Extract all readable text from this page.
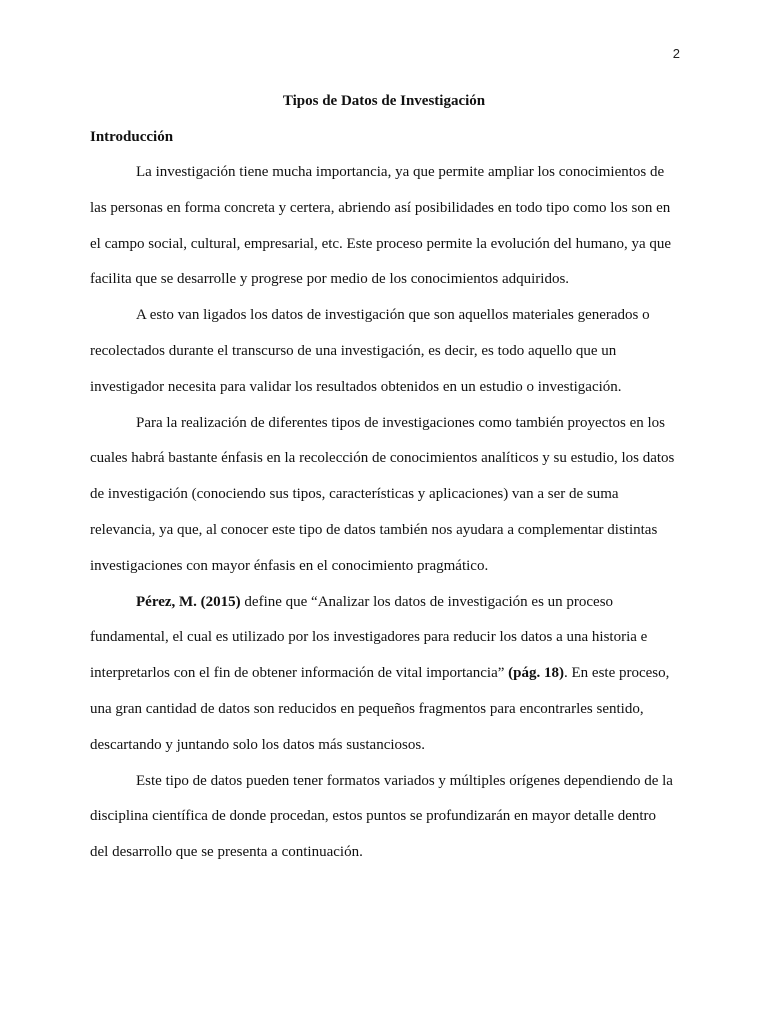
2
Tipos de Datos de Investigación
Introducción
La investigación tiene mucha importancia, ya que permite ampliar los conocimientos de
las personas en forma concreta y certera, abriendo así posibilidades en todo tipo como los son en
el campo social, cultural, empresarial, etc. Este proceso permite la evolución del humano, ya que
facilita que se desarrolle y progrese por medio de los conocimientos adquiridos.
A esto van ligados los datos de investigación que son aquellos materiales generados o
recolectados durante el transcurso de una investigación, es decir, es todo aquello que un
investigador necesita para validar los resultados obtenidos en un estudio o investigación.
Para la realización de diferentes tipos de investigaciones como también proyectos en los
cuales habrá bastante énfasis en la recolección de conocimientos analíticos y su estudio, los datos
de investigación (conociendo sus tipos, características y aplicaciones) van a ser de suma
relevancia, ya que, al conocer este tipo de datos también nos ayudara a complementar distintas
investigaciones con mayor énfasis en el conocimiento pragmático.
Pérez, M. (2015) define que “Analizar los datos de investigación es un proceso
fundamental, el cual es utilizado por los investigadores para reducir los datos a una historia e
interpretarlos con el fin de obtener información de vital importancia” (pág. 18). En este proceso,
una gran cantidad de datos son reducidos en pequeños fragmentos para encontrarles sentido,
descartando y juntando solo los datos más sustanciosos.
Este tipo de datos pueden tener formatos variados y múltiples orígenes dependiendo de la
disciplina científica de donde procedan, estos puntos se profundizarán en mayor detalle dentro
del desarrollo que se presenta a continuación.
